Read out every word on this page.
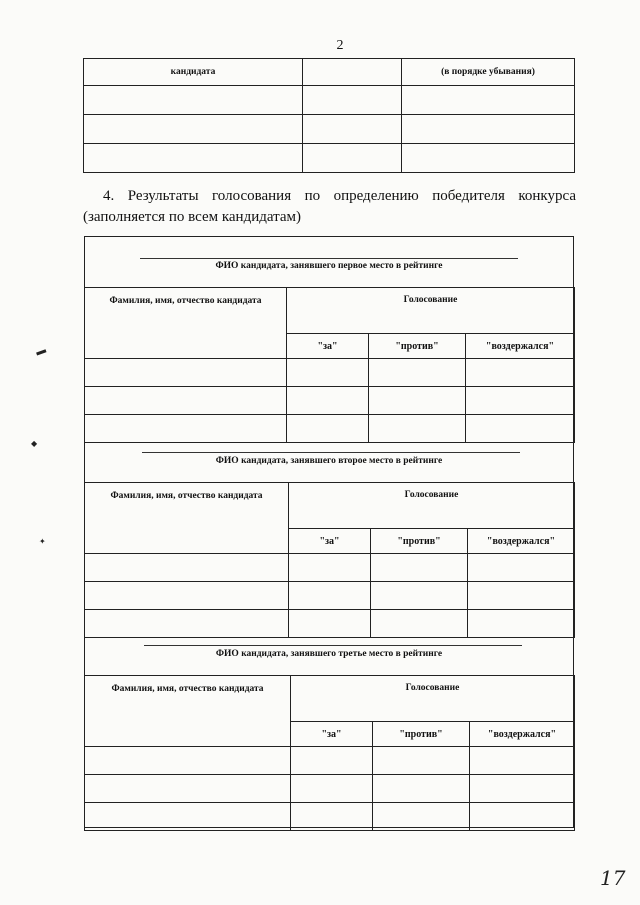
2
кандидата		(в порядке убывания)

4. Результаты голосования по определению победителя конкурса (заполняется по всем кандидатам)
ФИО кандидата, занявшего первое место в рейтинге
Фамилия, имя, отчество кандидата	Голосование		
	"за"	"против"	"воздержался"

ФИО кандидата, занявшего второе место в рейтинге
Фамилия, имя, отчество кандидата	Голосование		
	"за"	"против"	"воздержался"

ФИО кандидата, занявшего третье место в рейтинге
Фамилия, имя, отчество кандидата	Голосование		
	"за"	"против"	"воздержался"

▬
◆
✦
17
